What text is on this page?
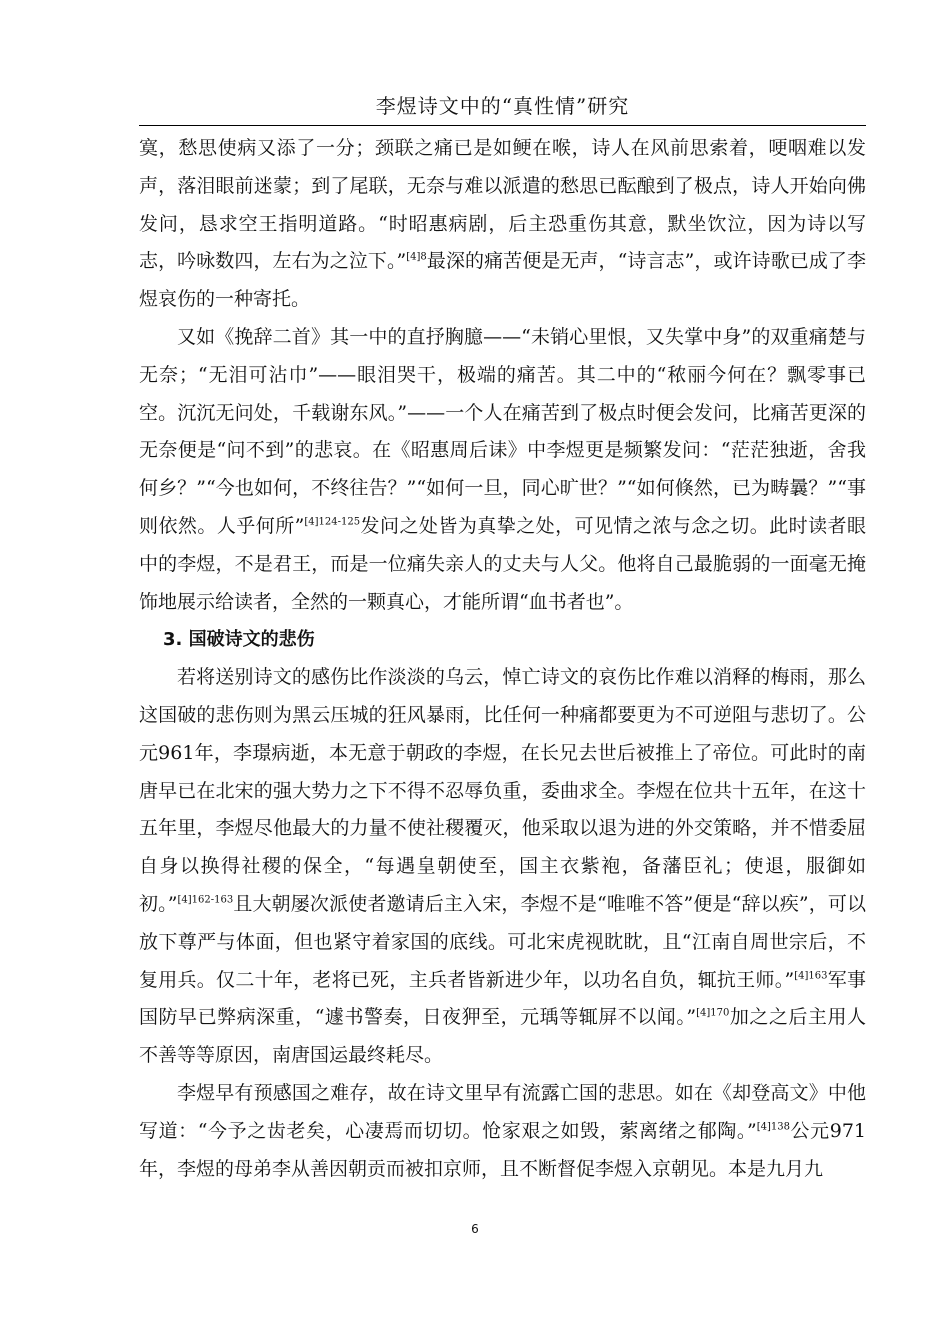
李煜诗文中的“真性情”研究

寞，愁思使病又添了一分；颈联之痛已是如鲠在喉，诗人在风前思索着，哽咽难以发声，落泪眼前迷蒙；到了尾联，无奈与难以派遣的愁思已酝酿到了极点，诗人开始向佛发问，恳求空王指明道路。“时昭惠病剧，后主恐重伤其意，默坐饮泣，因为诗以写志，吟咏数四，左右为之泣下。”$^{[4]8}$最深的痛苦便是无声，“诗言志”，或许诗歌已成了李煜哀伤的一种寄托。

又如《挽辞二首》其一中的直抒胸臆——“未销心里恨，又失掌中身”的双重痛楚与无奈；“无泪可沾巾”——眼泪哭干，极端的痛苦。其二中的“秾丽今何在？飘零事已空。沉沉无问处，千载谢东风。”——一个人在痛苦到了极点时便会发问，比痛苦更深的无奈便是“问不到”的悲哀。在《昭惠周后诔》中李煜更是频繁发问：“茫茫独逝，舍我何乡？”“今也如何，不终往告？”“如何一旦，同心旷世？”“如何倏然，已为畴曩？”“事则依然。人乎何所”$^{[4]124-125}$发问之处皆为真挚之处，可见情之浓与念之切。此时读者眼中的李煜，不是君王，而是一位痛失亲人的丈夫与人父。他将自己最脆弱的一面毫无掩饰地展示给读者，全然的一颗真心，才能所谓“血书者也”。

3. 国破诗文的悲伤

若将送别诗文的感伤比作淡淡的乌云，悼亡诗文的哀伤比作难以消释的梅雨，那么这国破的悲伤则为黑云压城的狂风暴雨，比任何一种痛都要更为不可逆阻与悲切了。公元961年，李璟病逝，本无意于朝政的李煜，在长兄去世后被推上了帝位。可此时的南唐早已在北宋的强大势力之下不得不忍辱负重，委曲求全。李煜在位共十五年，在这十五年里，李煜尽他最大的力量不使社稷覆灭，他采取以退为进的外交策略，并不惜委屈自身以换得社稷的保全，“每遇皇朝使至，国主衣紫袍，备藩臣礼；使退，服御如初。”$^{[4]162-163}$且大朝屡次派使者邀请后主入宋，李煜不是“唯唯不答”便是“辞以疾”，可以放下尊严与体面，但也紧守着家国的底线。可北宋虎视眈眈，且“江南自周世宗后，不复用兵。仅二十年，老将已死，主兵者皆新进少年，以功名自负，辄抗王师。”$^{[4]163}$军事国防早已弊病深重，“遽书警奏，日夜狎至，元瑀等辄屏不以闻。”$^{[4]170}$加之之后主用人不善等等原因，南唐国运最终耗尽。

李煜早有预感国之难存，故在诗文里早有流露亡国的悲思。如在《却登高文》中他写道：“今予之齿老矣，心凄焉而切切。怆家艰之如毁，萦离绪之郁陶。”$^{[4]138}$公元971年，李煜的母弟李从善因朝贡而被扣京师，且不断督促李煜入京朝见。本是九月九

6
